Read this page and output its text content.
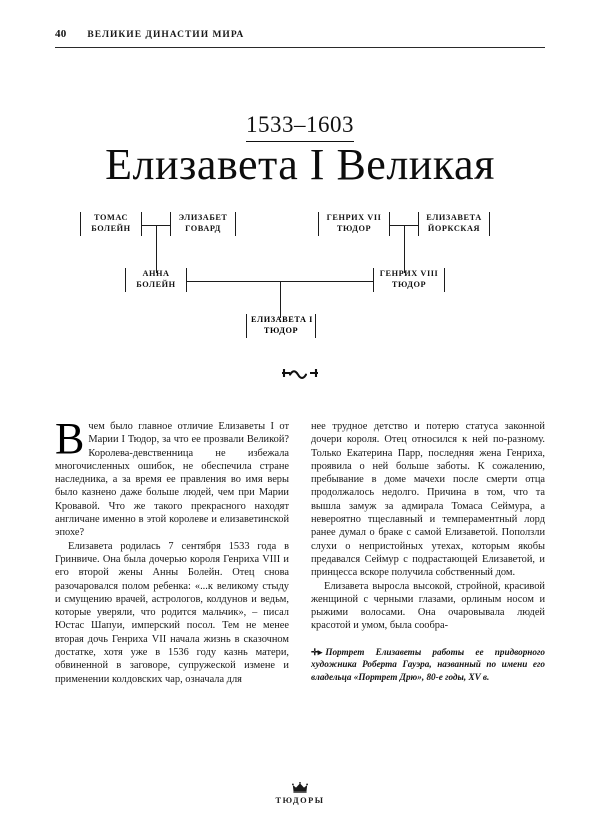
40 ВЕЛИКИЕ ДИНАСТИИ МИРА
1533–1603
Елизавета I Великая
ТОМАС
БОЛЕЙН
ЭЛИЗАБЕТ
ГОВАРД
ГЕНРИХ VII
ТЮДОР
ЕЛИЗАВЕТА
ЙОРКСКАЯ
АННА
БОЛЕЙН
ГЕНРИХ VIII
ТЮДОР
ЕЛИЗАВЕТА I
ТЮДОР

Вчем было главное отличие Елизаветы I от Марии I Тюдор, за что ее прозвали Великой? Королева-девственница не избежала многочисленных ошибок, не обеспечила стране наследника, а за время ее правления во имя веры было казнено даже больше людей, чем при Марии Кровавой. Что же такого прекрасного находят англичане именно в этой королеве и елизаветинской эпохе?

Елизавета родилась 7 сентября 1533 года в Гринвиче. Она была дочерью короля Генриха VIII и его второй жены Анны Болейн. Отец снова разочаровался полом ребенка: «...к великому стыду и смущению врачей, астрологов, колдунов и ведьм, которые уверяли, что родится мальчик», – писал Юстас Шапуи, имперский посол. Тем не менее вторая дочь Генриха VII начала жизнь в сказочном достатке, хотя уже в 1536 году казнь матери, обвиненной в заговоре, супружеской измене и применении колдовских чар, означала для

нее трудное детство и потерю статуса законной дочери короля. Отец относился к ней по-разному. Только Екатерина Парр, последняя жена Генриха, проявила о ней больше заботы. К сожалению, пребывание в доме мачехи после смерти отца продолжалось недолго. Причина в том, что та вышла замуж за адмирала Томаса Сеймура, а невероятно тщеславный и темпераментный лорд ранее думал о браке с самой Елизаветой. Поползли слухи о непристойных утехах, которым якобы предавался Сеймур с подрастающей Елизаветой, и принцесса вскоре получила собственный дом.

Елизавета выросла высокой, стройной, красивой женщиной с черными глазами, орлиным носом и рыжими волосами. Она очаровывала людей красотой и умом, была сообра-

✛▸ Портрет Елизаветы работы ее придворного художника Роберта Гауэра, названный по имени его владельца «Портрет Дрю», 80-е годы, XV в.
ТЮДОРЫ
